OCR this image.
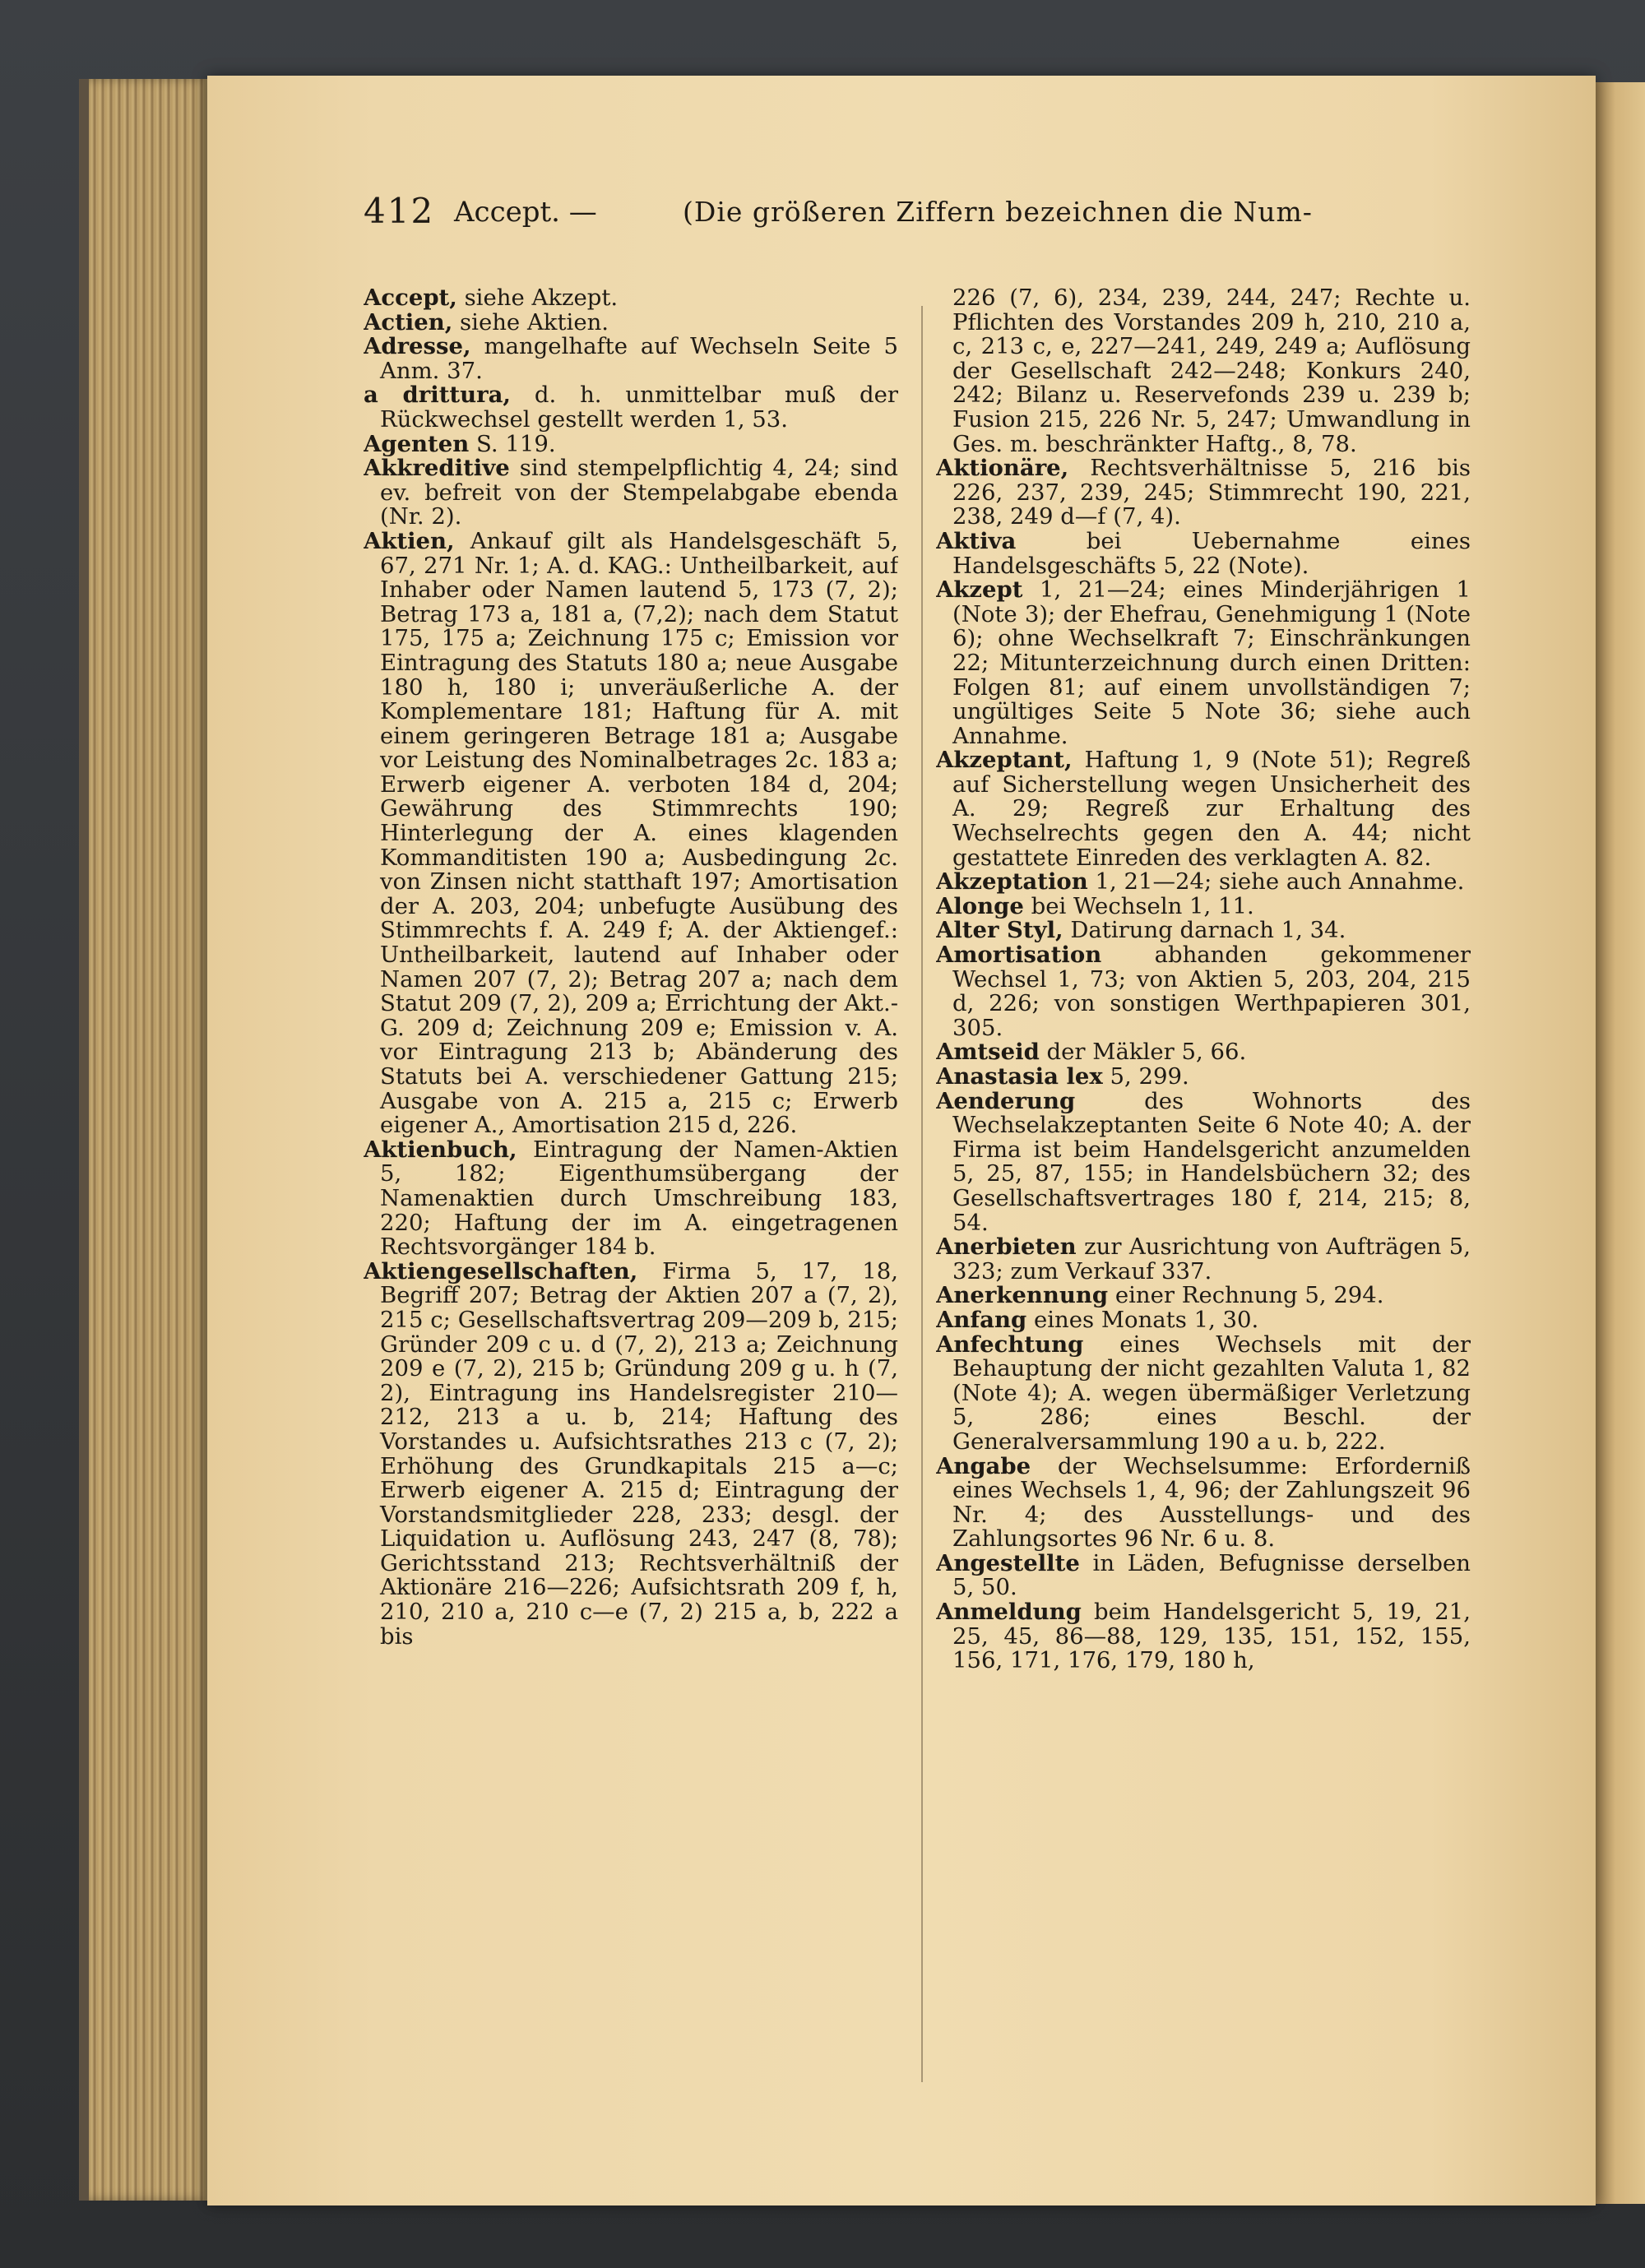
412 Accept. —	(Die größeren Ziffern bezeichnen die Num-

Accept, siehe Akzept.

Actien, siehe Aktien.

Adresse, mangelhafte auf Wechseln Seite 5 Anm. 37.

a drittura, d. h. unmittelbar muß der Rückwechsel gestellt werden 1, 53.

Agenten S. 119.

Akkreditive sind stempelpflichtig 4, 24; sind ev. befreit von der Stempelabgabe ebenda (Nr. 2).

Aktien, Ankauf gilt als Handelsgeschäft 5, 67, 271 Nr. 1; A. d. KAG.: Untheilbarkeit, auf Inhaber oder Namen lautend 5, 173 (7, 2); Betrag 173 a, 181 a, (7,2); nach dem Statut 175, 175 a; Zeichnung 175 c; Emission vor Eintragung des Statuts 180 a; neue Ausgabe 180 h, 180 i; unveräußerliche A. der Komplementare 181; Haftung für A. mit einem geringeren Betrage 181 a; Ausgabe vor Leistung des Nominalbetrages 2c. 183 a; Erwerb eigener A. verboten 184 d, 204; Gewährung des Stimmrechts 190; Hinterlegung der A. eines klagenden Kommanditisten 190 a; Ausbedingung 2c. von Zinsen nicht statthaft 197; Amortisation der A. 203, 204; unbefugte Ausübung des Stimmrechts f. A. 249 f; A. der Aktiengef.: Untheilbarkeit, lautend auf Inhaber oder Namen 207 (7, 2); Betrag 207 a; nach dem Statut 209 (7, 2), 209 a; Errichtung der Akt.-G. 209 d; Zeichnung 209 e; Emission v. A. vor Eintragung 213 b; Abänderung des Statuts bei A. verschiedener Gattung 215; Ausgabe von A. 215 a, 215 c; Erwerb eigener A., Amortisation 215 d, 226.

Aktienbuch, Eintragung der Namen-Aktien 5, 182; Eigenthumsübergang der Namenaktien durch Umschreibung 183, 220; Haftung der im A. eingetragenen Rechtsvorgänger 184 b.

Aktiengesellschaften, Firma 5, 17, 18, Begriff 207; Betrag der Aktien 207 a (7, 2), 215 c; Gesellschaftsvertrag 209—209 b, 215; Gründer 209 c u. d (7, 2), 213 a; Zeichnung 209 e (7, 2), 215 b; Gründung 209 g u. h (7, 2), Eintragung ins Handelsregister 210—212, 213 a u. b, 214; Haftung des Vorstandes u. Aufsichtsrathes 213 c (7, 2); Erhöhung des Grundkapitals 215 a—c; Erwerb eigener A. 215 d; Eintragung der Vorstandsmitglieder 228, 233; desgl. der Liquidation u. Auflösung 243, 247 (8, 78); Gerichtsstand 213; Rechtsverhältniß der Aktionäre 216—226; Aufsichtsrath 209 f, h, 210, 210 a, 210 c—e (7, 2) 215 a, b, 222 a bis

226 (7, 6), 234, 239, 244, 247; Rechte u. Pflichten des Vorstandes 209 h, 210, 210 a, c, 213 c, e, 227—241, 249, 249 a; Auflösung der Gesellschaft 242—248; Konkurs 240, 242; Bilanz u. Reservefonds 239 u. 239 b; Fusion 215, 226 Nr. 5, 247; Umwandlung in Ges. m. beschränkter Haftg., 8, 78.

Aktionäre, Rechtsverhältnisse 5, 216 bis 226, 237, 239, 245; Stimmrecht 190, 221, 238, 249 d—f (7, 4).

Aktiva bei Uebernahme eines Handelsgeschäfts 5, 22 (Note).

Akzept 1, 21—24; eines Minderjährigen 1 (Note 3); der Ehefrau, Genehmigung 1 (Note 6); ohne Wechselkraft 7; Einschränkungen 22; Mitunterzeichnung durch einen Dritten: Folgen 81; auf einem unvollständigen 7; ungültiges Seite 5 Note 36; siehe auch Annahme.

Akzeptant, Haftung 1, 9 (Note 51); Regreß auf Sicherstellung wegen Unsicherheit des A. 29; Regreß zur Erhaltung des Wechselrechts gegen den A. 44; nicht gestattete Einreden des verklagten A. 82.

Akzeptation 1, 21—24; siehe auch Annahme.

Alonge bei Wechseln 1, 11.

Alter Styl, Datirung darnach 1, 34.

Amortisation abhanden gekommener Wechsel 1, 73; von Aktien 5, 203, 204, 215 d, 226; von sonstigen Werthpapieren 301, 305.

Amtseid der Mäkler 5, 66.

Anastasia lex 5, 299.

Aenderung des Wohnorts des Wechselakzeptanten Seite 6 Note 40; A. der Firma ist beim Handelsgericht anzumelden 5, 25, 87, 155; in Handelsbüchern 32; des Gesellschaftsvertrages 180 f, 214, 215; 8, 54.

Anerbieten zur Ausrichtung von Aufträgen 5, 323; zum Verkauf 337.

Anerkennung einer Rechnung 5, 294.

Anfang eines Monats 1, 30.

Anfechtung eines Wechsels mit der Behauptung der nicht gezahlten Valuta 1, 82 (Note 4); A. wegen übermäßiger Verletzung 5, 286; eines Beschl. der Generalversammlung 190 a u. b, 222.

Angabe der Wechselsumme: Erforderniß eines Wechsels 1, 4, 96; der Zahlungszeit 96 Nr. 4; des Ausstellungs- und des Zahlungsortes 96 Nr. 6 u. 8.

Angestellte in Läden, Befugnisse derselben 5, 50.

Anmeldung beim Handelsgericht 5, 19, 21, 25, 45, 86—88, 129, 135, 151, 152, 155, 156, 171, 176, 179, 180 h,
